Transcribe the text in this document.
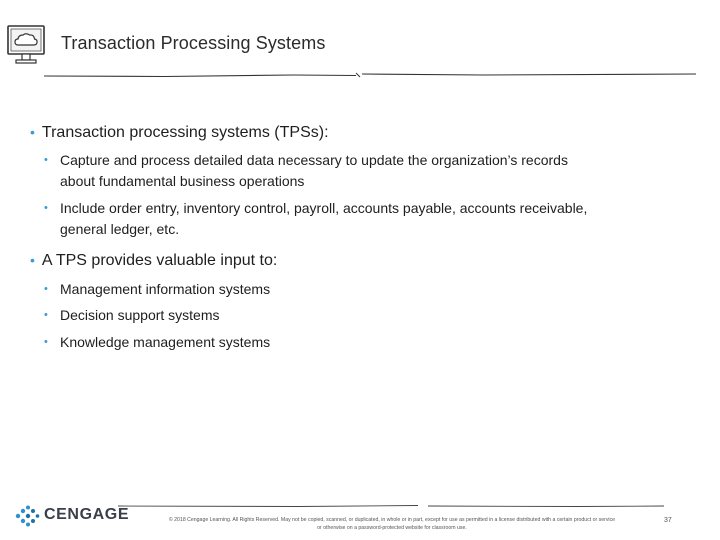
Transaction Processing Systems
• Transaction processing systems (TPSs):
• Capture and process detailed data necessary to update the organization’s records
about fundamental business operations
• Include order entry, inventory control, payroll, accounts payable, accounts receivable,
general ledger, etc.
• A TPS provides valuable input to:
• Management information systems
• Decision support systems
• Knowledge management systems
CENGAGE	© 2018 Cengage Learning. All Rights Reserved. May not be copied, scanned, or duplicated, in whole or in part, except for use as permitted in a license distributed with a certain product or service
or otherwise on a password-protected website for classroom use.
37
